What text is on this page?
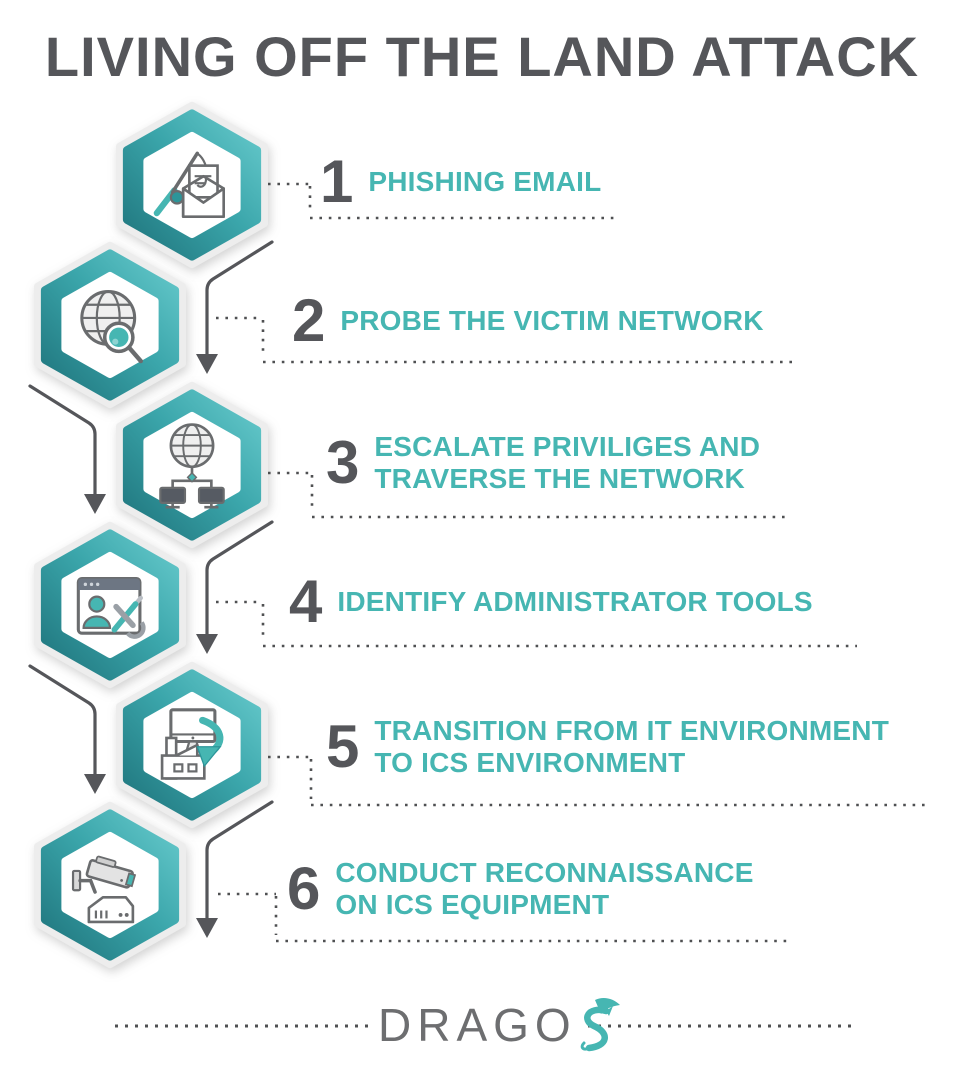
LIVING OFF THE LAND ATTACK
1 PHISHING EMAIL
2 PROBE THE VICTIM NETWORK
3 ESCALATE PRIVILIGES AND
TRAVERSE THE NETWORK
4 IDENTIFY ADMINISTRATOR TOOLS
5 TRANSITION FROM IT ENVIRONMENT
TO ICS ENVIRONMENT
6 CONDUCT RECONNAISSANCE
ON ICS EQUIPMENT
DRAGO
